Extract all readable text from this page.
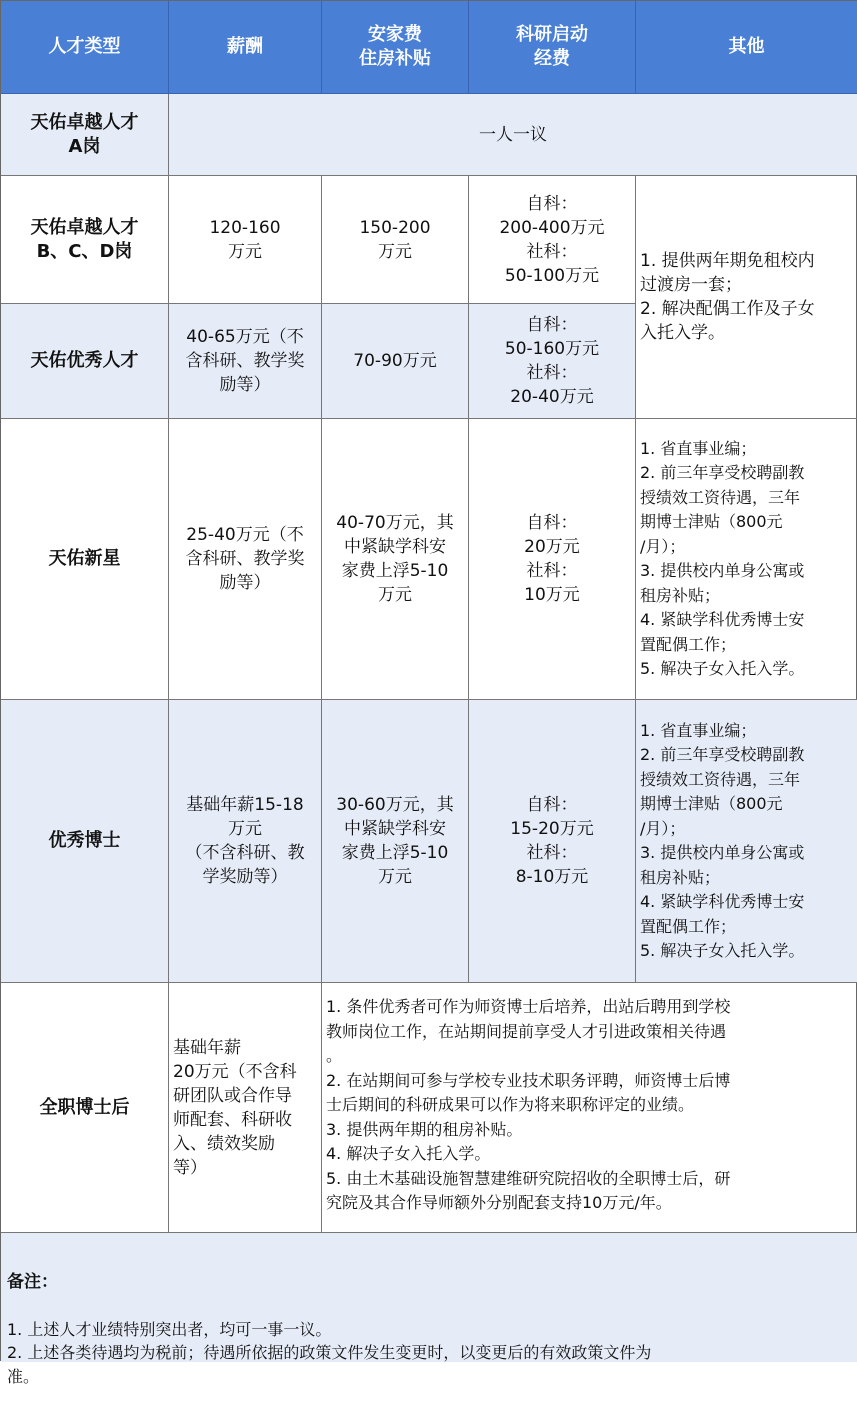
人才类型	薪酬
安家费
住房补贴
科研启动
经费
其他
天佑卓越人才
A岗
一人一议
天佑卓越人才
B、C、D岗
120-160
万元
150-200
万元
自科：
200-400万元
社科：
50-100万元
1. 提供两年期免租校内
过渡房一套；
2. 解决配偶工作及子女
入托入学。
天佑优秀人才
40-65万元（不
含科研、教学奖
励等）
70-90万元
自科：
50-160万元
社科：
20-40万元
天佑新星
25-40万元（不
含科研、教学奖
励等）
40-70万元，其
中紧缺学科安
家费上浮5-10
万元
自科：
20万元
社科：
10万元
1. 省直事业编；
2. 前三年享受校聘副教
授绩效工资待遇，三年
期博士津贴（800元
/月）；
3. 提供校内单身公寓或
租房补贴；
4. 紧缺学科优秀博士安
置配偶工作；
5. 解决子女入托入学。
优秀博士
基础年薪15-18
万元
（不含科研、教
学奖励等）
30-60万元，其
中紧缺学科安
家费上浮5-10
万元
自科：
15-20万元
社科：
8-10万元
1. 省直事业编；
2. 前三年享受校聘副教
授绩效工资待遇，三年
期博士津贴（800元
/月）；
3. 提供校内单身公寓或
租房补贴；
4. 紧缺学科优秀博士安
置配偶工作；
5. 解决子女入托入学。
全职博士后
基础年薪
20万元（不含科
研团队或合作导
师配套、科研收
入、绩效奖励
等）
1. 条件优秀者可作为师资博士后培养，出站后聘用到学校
教师岗位工作，在站期间提前享受人才引进政策相关待遇
。
2. 在站期间可参与学校专业技术职务评聘，师资博士后博
士后期间的科研成果可以作为将来职称评定的业绩。
3. 提供两年期的租房补贴。
4. 解决子女入托入学。
5. 由土木基础设施智慧建维研究院招收的全职博士后，研
究院及其合作导师额外分别配套支持10万元/年。

备注：

1. 上述人才业绩特别突出者，均可一事一议。
2. 上述各类待遇均为税前；待遇所依据的政策文件发生变更时，以变更后的有效政策文件为
准。
